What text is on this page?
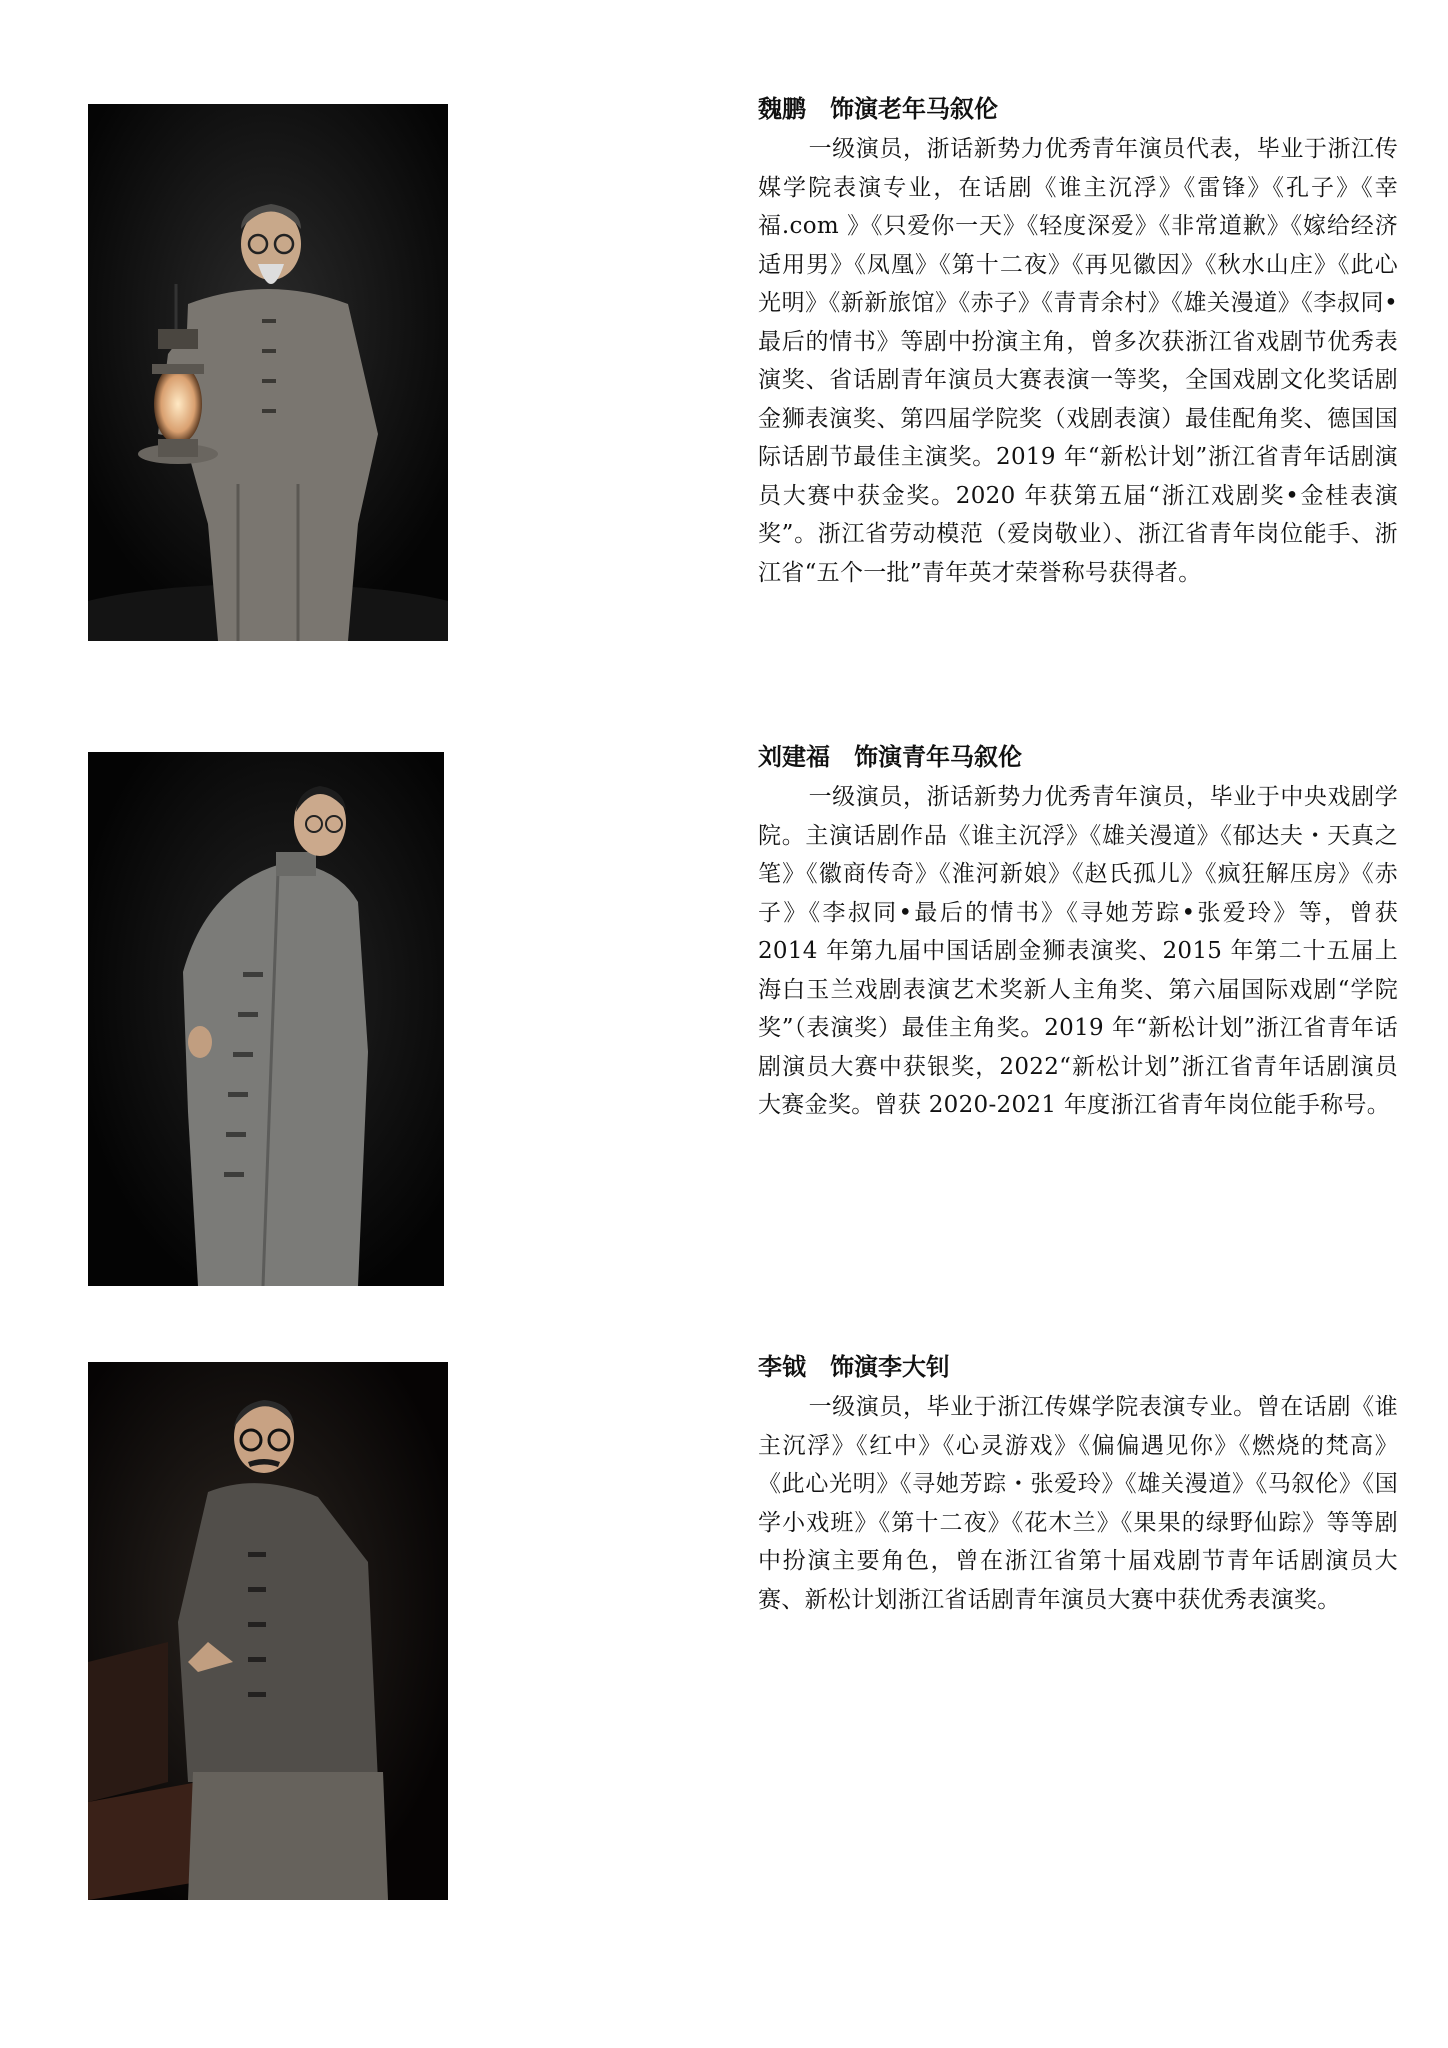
魏鹏 饰演老年马叙伦

一级演员，浙话新势力优秀青年演员代表，毕业于浙江传媒学院表演专业，在话剧《谁主沉浮》《雷锋》《孔子》《幸福.com 》《只爱你一天》《轻度深爱》《非常道歉》《嫁给经济适用男》《凤凰》《第十二夜》《再见徽因》《秋水山庄》《此心光明》《新新旅馆》《赤子》《青青余村》《雄关漫道》《李叔同•最后的情书》等剧中扮演主角，曾多次获浙江省戏剧节优秀表演奖、省话剧青年演员大赛表演一等奖，全国戏剧文化奖话剧金狮表演奖、第四届学院奖（戏剧表演）最佳配角奖、德国国际话剧节最佳主演奖。2019 年“新松计划”浙江省青年话剧演员大赛中获金奖。2020 年获第五届“浙江戏剧奖•金桂表演奖”。浙江省劳动模范（爱岗敬业）、浙江省青年岗位能手、浙江省“五个一批”青年英才荣誉称号获得者。

刘建福 饰演青年马叙伦

一级演员，浙话新势力优秀青年演员，毕业于中央戏剧学院。主演话剧作品《谁主沉浮》《雄关漫道》《郁达夫・天真之笔》《徽商传奇》《淮河新娘》《赵氏孤儿》《疯狂解压房》《赤子》《李叔同•最后的情书》《寻她芳踪•张爱玲》等，曾获 2014 年第九届中国话剧金狮表演奖、2015 年第二十五届上海白玉兰戏剧表演艺术奖新人主角奖、第六届国际戏剧“学院奖”（表演奖）最佳主角奖。2019 年“新松计划”浙江省青年话剧演员大赛中获银奖，2022“新松计划”浙江省青年话剧演员大赛金奖。曾获 2020-2021 年度浙江省青年岗位能手称号。

李钺 饰演李大钊

一级演员，毕业于浙江传媒学院表演专业。曾在话剧《谁主沉浮》《红中》《心灵游戏》《偏偏遇见你》《燃烧的梵高》《此心光明》《寻她芳踪・张爱玲》《雄关漫道》《马叙伦》《国学小戏班》《第十二夜》《花木兰》《果果的绿野仙踪》等等剧中扮演主要角色，曾在浙江省第十届戏剧节青年话剧演员大赛、新松计划浙江省话剧青年演员大赛中获优秀表演奖。
